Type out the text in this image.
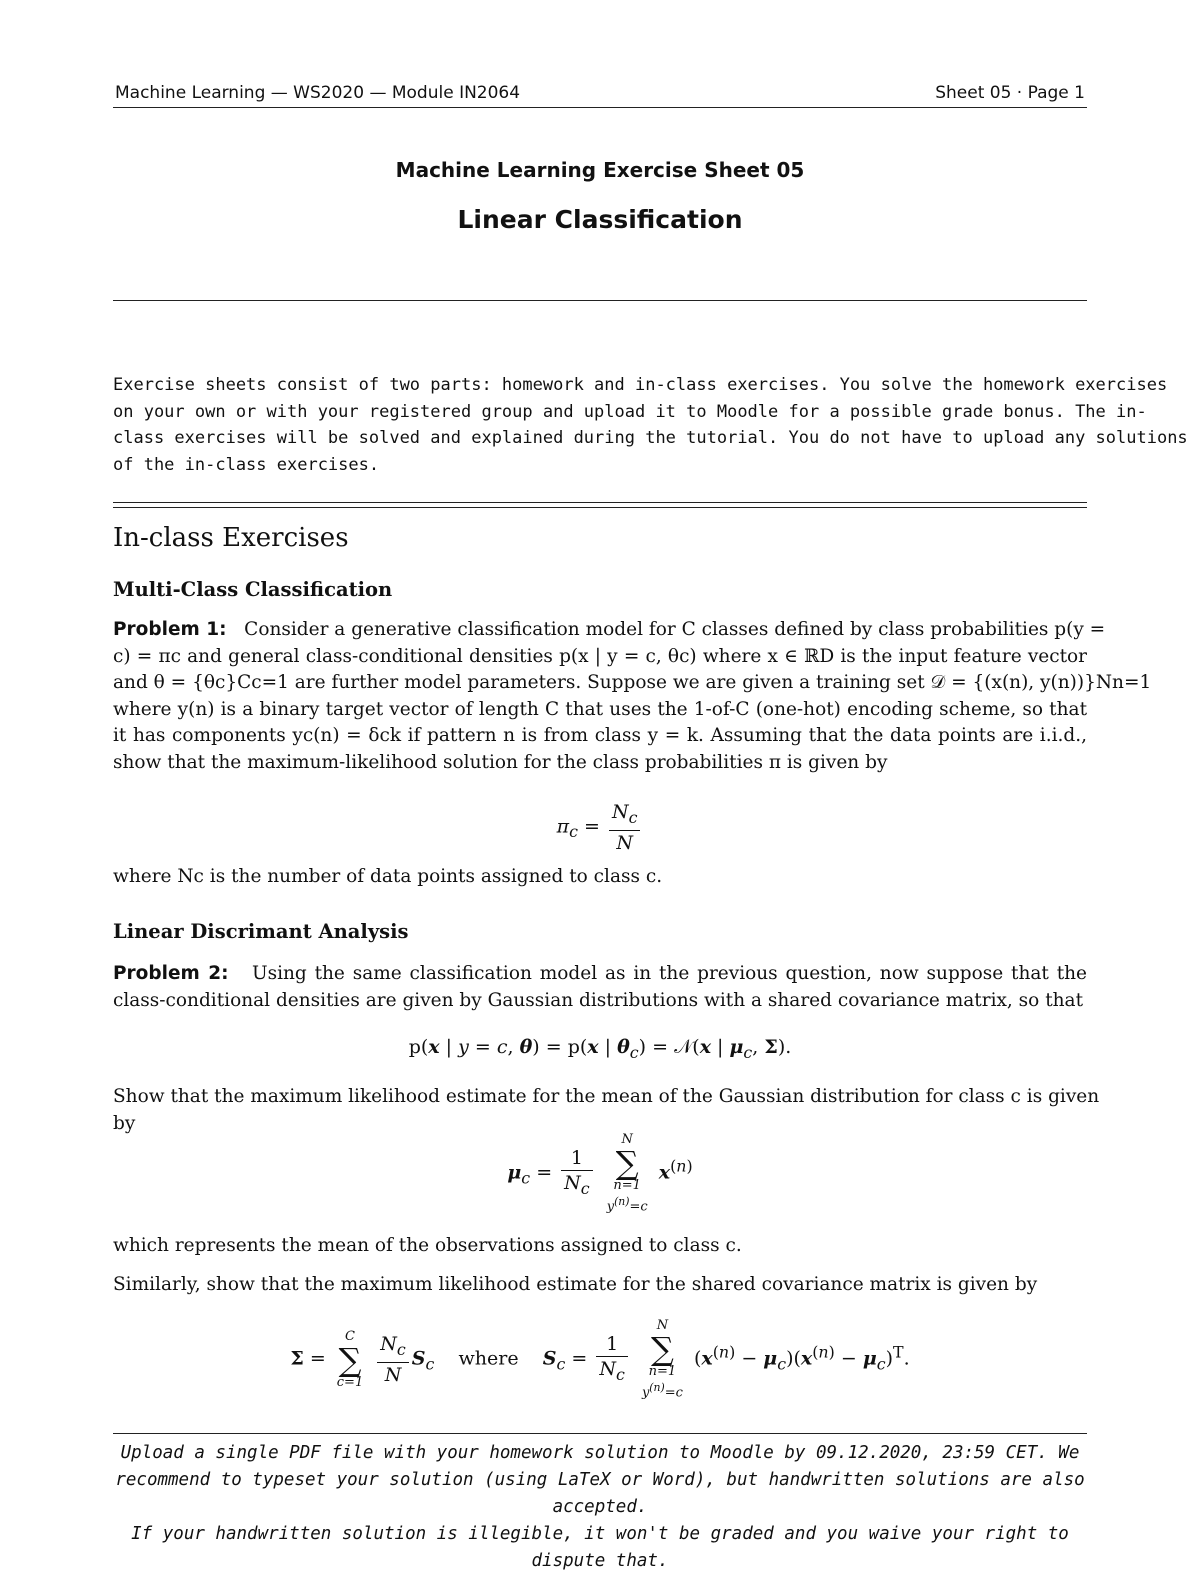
Machine Learning — WS2020 — Module IN2064	Sheet 05 · Page 1
Machine Learning Exercise Sheet 05
Linear Classification
Exercise sheets consist of two parts: homework and in-class exercises. You solve the homework exercises
on your own or with your registered group and upload it to Moodle for a possible grade bonus. The in-
class exercises will be solved and explained during the tutorial. You do not have to upload any solutions
of the in-class exercises.
In-class Exercises
Multi-Class Classification
Problem 1: Consider a generative classification model for C classes defined by class probabilities p(y =
c) = πc and general class-conditional densities p(x | y = c, θc) where x ∈ ℝD is the input feature vector
and θ = {θc}Cc=1 are further model parameters. Suppose we are given a training set 𝒟 = {(x(n), y(n))}Nn=1
where y(n) is a binary target vector of length C that uses the 1-of-C (one-hot) encoding scheme, so that
it has components yc(n) = δck if pattern n is from class y = k. Assuming that the data points are i.i.d.,
show that the maximum-likelihood solution for the class probabilities π is given by
$\pi_c = \frac{N_c}{N}$
where Nc is the number of data points assigned to class c.
Linear Discrimant Analysis
Problem 2: Using the same classification model as in the previous question, now suppose that the
class-conditional densities are given by Gaussian distributions with a shared covariance matrix, so that
p(x | y = c, θ) = p(x | $\theta_c$) = 𝒩(x | $\mu_c$, Σ).
Show that the maximum likelihood estimate for the mean of the Gaussian distribution for class c is given
by
$\mu_c = \frac{1}{N_c}$

N
∑
n=1
$y^{(n)}=c$
$x^{(n)}$
which represents the mean of the observations assigned to class c.
Similarly, show that the maximum likelihood estimate for the shared covariance matrix is given by
Σ =
C
∑
c=1
$\frac{N_c}{N} S_c$    where    $S_c = \frac{1}{N_c}$

N
∑
n=1
$y^{(n)}=c$
$(x^{(n)} - \mu_c)(x^{(n)} - \mu_c)^T$.
Upload a single PDF file with your homework solution to Moodle by 09.12.2020, 23:59 CET. We
recommend to typeset your solution (using LaTeX or Word), but handwritten solutions are also accepted.
If your handwritten solution is illegible, it won't be graded and you waive your right to dispute that.
